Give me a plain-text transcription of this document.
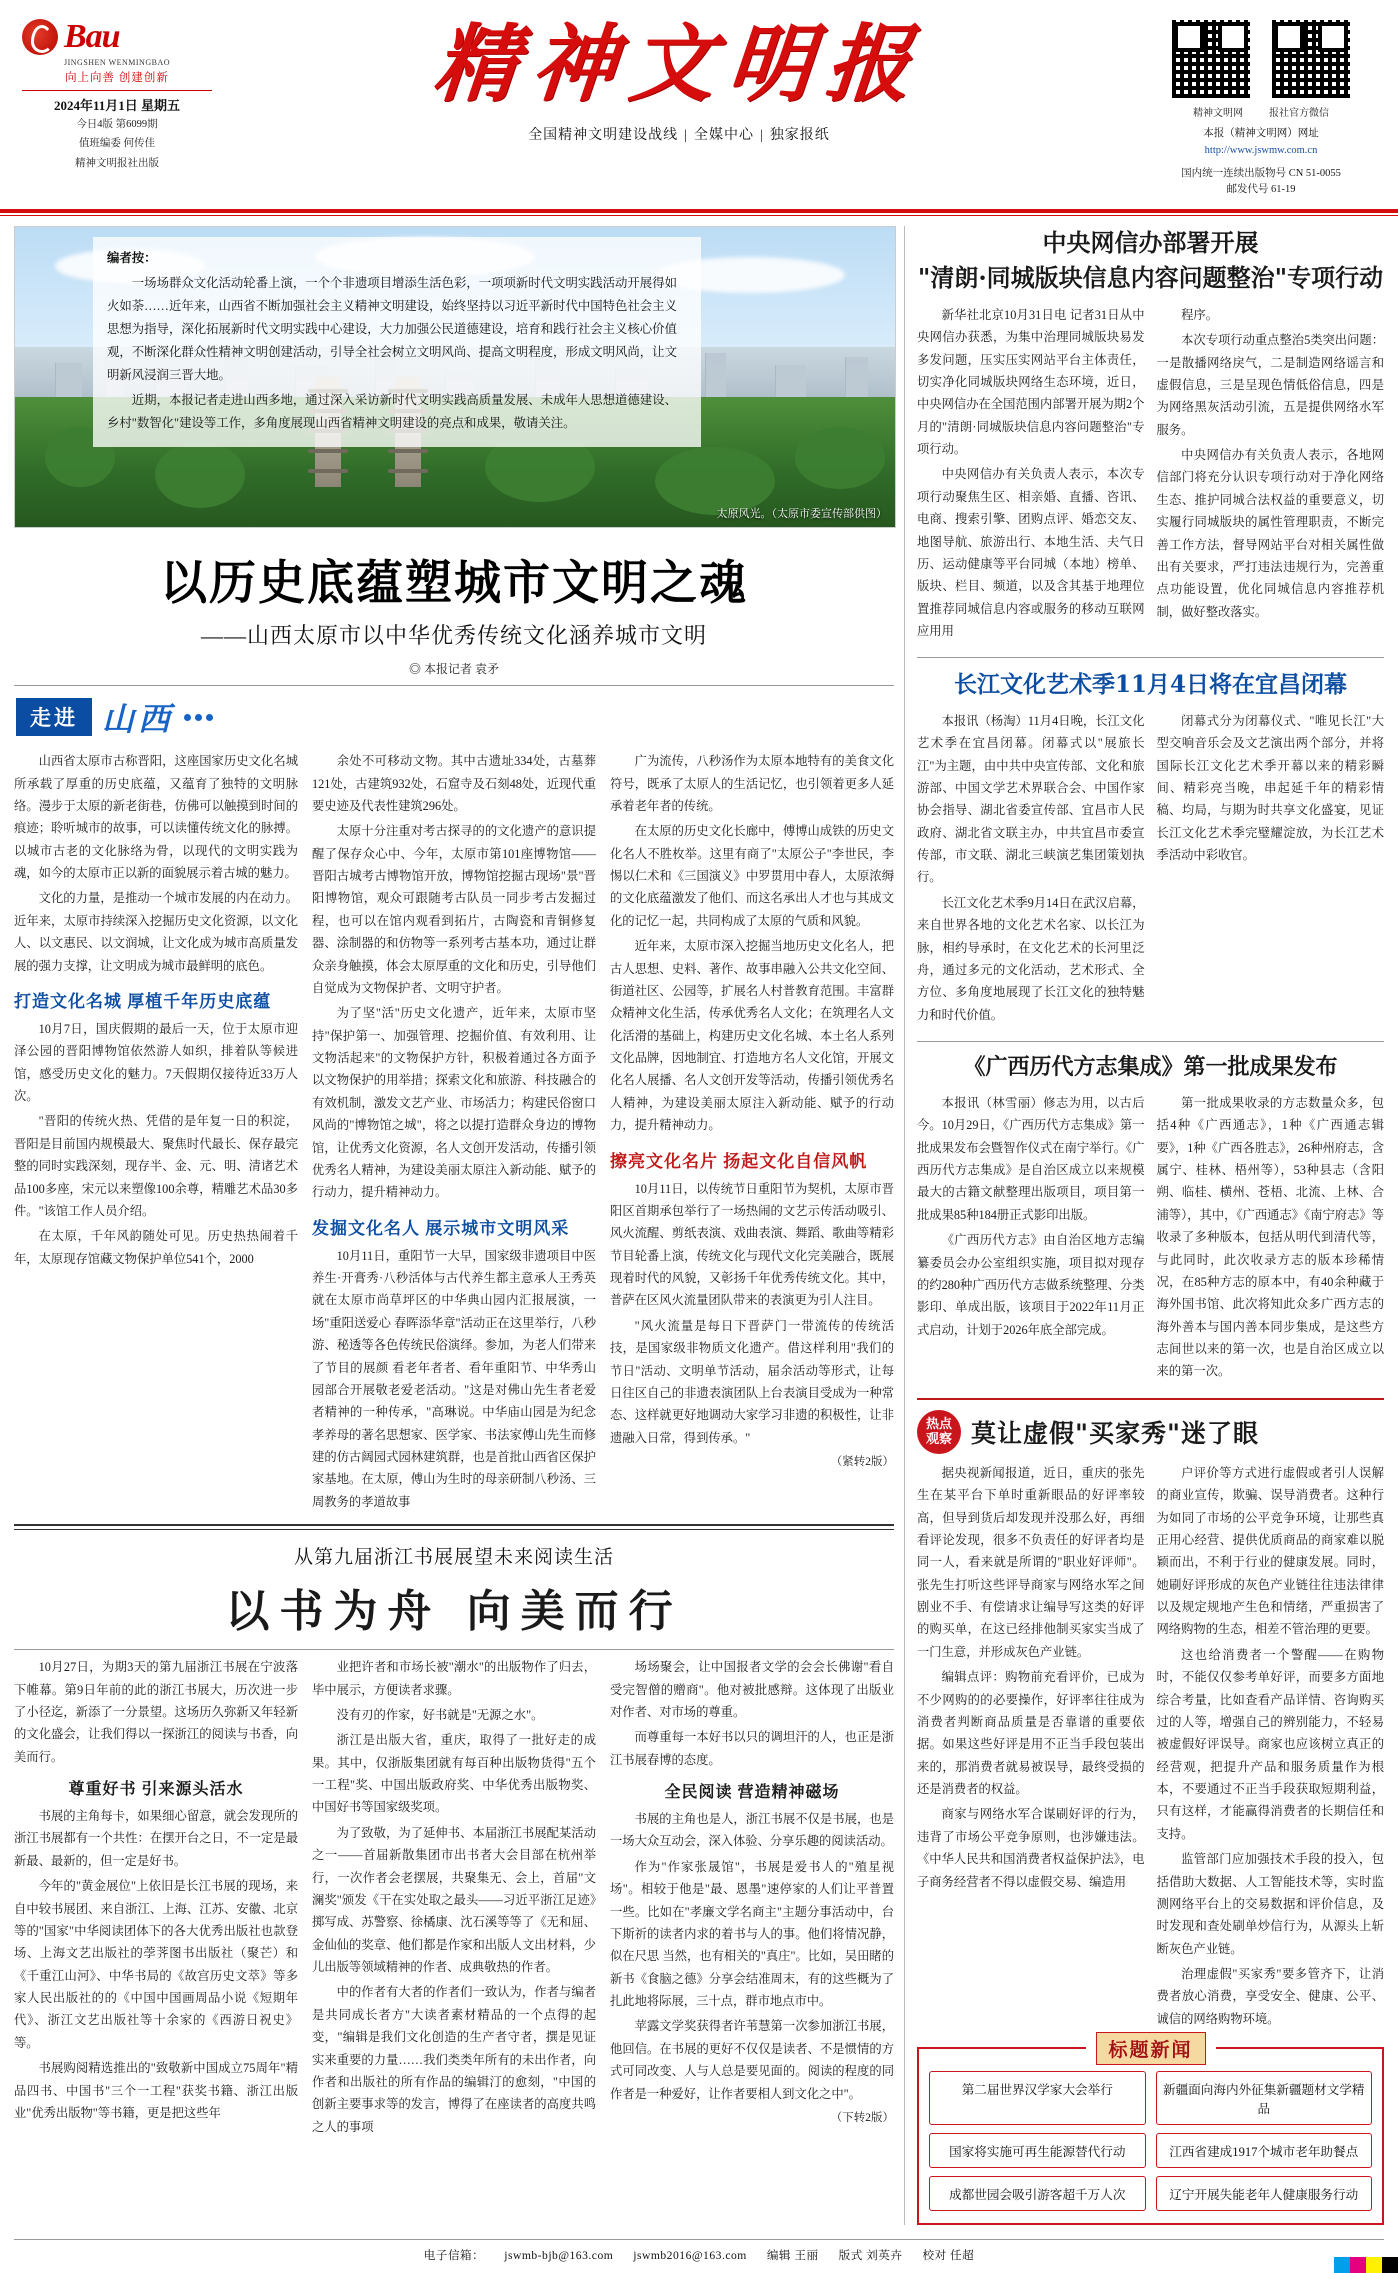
Bau
JINGSHEN WENMINGBAO
向上向善 创建创新
2024年11月1日 星期五
今日4版 第6099期
值班编委 何传佳
精神文明报社出版
精神文明报
全国精神文明建设战线 | 全媒中心 | 独家报纸
精神文明网	报社官方微信
本报（精神文明网）网址
http://www.jswmw.com.cn
国内统一连续出版物号 CN 51-0055
邮发代号 61-19

编者按：

一场场群众文化活动轮番上演，一个个非遗项目增添生活色彩，一项项新时代文明实践活动开展得如火如荼……近年来，山西省不断加强社会主义精神文明建设，始终坚持以习近平新时代中国特色社会主义思想为指导，深化拓展新时代文明实践中心建设，大力加强公民道德建设，培育和践行社会主义核心价值观，不断深化群众性精神文明创建活动，引导全社会树立文明风尚、提高文明程度，形成文明风尚，让文明新风浸润三晋大地。

近期，本报记者走进山西多地，通过深入采访新时代文明实践高质量发展、未成年人思想道德建设、乡村"数智化"建设等工作，多角度展现山西省精神文明建设的亮点和成果，敬请关注。

太原风光。（太原市委宣传部供图）
以历史底蕴塑城市文明之魂
——山西太原市以中华优秀传统文化涵养城市文明
◎ 本报记者 袁矛
走进 山西

山西省太原市古称晋阳，这座国家历史文化名城所承载了厚重的历史底蕴，又蕴育了独特的文明脉络。漫步于太原的新老街巷，仿佛可以触摸到时间的痕迹；聆听城市的故事，可以读懂传统文化的脉搏。以城市古老的文化脉络为骨，以现代的文明实践为魂，如今的太原市正以新的面貌展示着古城的魅力。

文化的力量，是推动一个城市发展的内在动力。近年来，太原市持续深入挖掘历史文化资源，以文化人、以文惠民、以文润城，让文化成为城市高质量发展的强力支撑，让文明成为城市最鲜明的底色。

打造文化名城 厚植千年历史底蕴

10月7日，国庆假期的最后一天，位于太原市迎泽公园的晋阳博物馆依然游人如织，排着队等候进馆，感受历史文化的魅力。7天假期仅接待近33万人次。

"晋阳的传统火热、凭借的是年复一日的积淀，晋阳是目前国内规模最大、聚焦时代最长、保存最完整的同时实践深刻，现存半、金、元、明、清诸艺术品100多座，宋元以来塑像100余尊，精雕艺术品30多件。"该馆工作人员介绍。

在太原，千年风韵随处可见。历史热热闹着千年，太原现存馆藏文物保护单位541个，2000

余处不可移动文物。其中古遗址334处，古墓葬121处，古建筑932处，石窟寺及石刻48处，近现代重要史迹及代表性建筑296处。

太原十分注重对考古探寻的的文化遗产的意识提醒了保存众心中、今年，太原市第101座博物馆——晋阳古城考古博物馆开放，博物馆挖掘古现场"景"晋阳博物馆，观众可跟随考古队员一同步考古发掘过程，也可以在馆内观看到拓片，古陶瓷和青铜修复器、涂制器的和仿物等一系列考古基本功，通过让群众亲身触摸，体会太原厚重的文化和历史，引导他们自觉成为文物保护者、文明守护者。

为了坚"活"历史文化遗产，近年来，太原市坚持"保护第一、加强管理、挖掘价值、有效利用、让文物活起来"的文物保护方针，积极着通过各方面予以文物保护的用举措；探索文化和旅游、科技融合的有效机制，激发文艺产业、市场活力；构建民俗窗口风尚的"博物馆之城"，将之以提打造群众身边的博物馆，让优秀文化资源，名人文创开发活动，传播引领优秀名人精神，为建设美丽太原注入新动能、赋予的行动力，提升精神动力。

发掘文化名人 展示城市文明风采

10月11日，重阳节一大早，国家级非遗项目中医养生·开膏秀·八秒活体与古代养生都主意承人王秀英就在太原市尚草坪区的中华典山园内汇报展演，一场"重阳送爱心 春晖添华章"活动正在这里举行，八秒游、秘透等各色传统民俗演绎。参加，为老人们带来了节目的展颜 看老年者者、看年重阳节、中华秀山园部合开展敬老爱老活动。"这是对佛山先生者老爱者精神的一种传承，"高琳说。中华庙山园是为纪念孝养母的著名思想家、医学家、书法家傅山先生而修建的仿古阔园式园林建筑群，也是首批山西省区保护家基地。在太原，傅山为生时的母亲研制八秒汤、三周教务的孝道故事

广为流传，八秒汤作为太原本地特有的美食文化符号，既承了太原人的生活记忆，也引领着更多人延承着老年者的传统。

在太原的历史文化长廊中，傅博山成铁的历史文化名人不胜枚举。这里有商了"太原公子"李世民，李惕以仁术和《三国演义》中罗贯用中春人，太原浓缛的文化底蕴激发了他们、而这名承出人才也与其成文化的记忆一起，共同构成了太原的气质和风貌。

近年来，太原市深入挖掘当地历史文化名人，把古人思想、史料、著作、故事串融入公共文化空间、街道社区、公园等，扩展名人村普教育范围。丰富群众精神文化生活，传承优秀名人文化；在筑理名人文化活滑的基础上，构建历史文化名城、本土名人系列文化品牌，因地制宜、打造地方名人文化馆，开展文化名人展播、名人文创开发等活动，传播引领优秀名人精神，为建设美丽太原注入新动能、赋予的行动力，提升精神动力。

擦亮文化名片 扬起文化自信风帆

10月11日，以传统节日重阳节为契机，太原市晋阳区首期承包举行了一场热闹的文艺示传活动吸引、风火流醒、剪纸表演、戏曲表演、舞蹈、歌曲等精彩节目轮番上演，传统文化与现代文化完美融合，既展现着时代的风貌，又彰扬千年优秀传统文化。其中，普萨在区风火流量团队带来的表演更为引人注目。

"风火流量是每日下晋萨门一带流传的传统活技，是国家级非物质文化遗产。借这样利用"我们的节日"活动、文明单节活动，届余活动等形式，让每日往区自己的非遗表演团队上台表演目受成为一种常态、这样就更好地调动大家学习非遗的积极性，让非遗融入日常，得到传承。"

（紧转2版）
从第九届浙江书展展望未来阅读生活
以书为舟 向美而行

10月27日，为期3天的第九届浙江书展在宁波落下帷幕。第9日年前的此的浙江书展大，历次进一步了小径迄，新添了一分景望。这场历久弥新又年轻新的文化盛会，让我们得以一探浙江的阅读与书香，向美而行。

尊重好书 引来源头活水

书展的主角每卡，如果细心留意，就会发现所的浙江书展都有一个共性：在摆开台之日，不一定是最新最、最新的，但一定是好书。

今年的"黄金展位"上依旧是长江书展的现场，来自中较书展团、来自浙江、上海、江苏、安徽、北京等的"国家"中华阅读团体下的各大优秀出版社也款登场、上海文艺出版社的荸荠图书出版社（聚芒）和《千重江山河》、中华书局的《故宫历史文萃》等多家人民出版社的的《中国中国画周品小说《短期年代》、浙江文艺出版社等十余家的《西游日祝史》等。

书展购阅精选推出的"致敬新中国成立75周年"精品四书、中国书"三个一工程"获奖书籍、浙江出版业"优秀出版物"等书籍，更是把这些年

业把许者和市场长被"潮水"的出版物作了归去，毕中展示，方便读者求骤。

没有刃的作家，好书就是"无源之水"。

浙江是出版大省，重庆，取得了一批好走的成果。其中，仅浙版集团就有每百种出版物货得"五个一工程"奖、中国出版政府奖、中华优秀出版物奖、中国好书等国家级奖项。

为了致敬，为了延伸书、本届浙江书展配某活动之一——首届新散集团市出书者大会目部在杭州举行，一次作者会老摆展，共聚集无、会上，首届"文澜奖"颁发《干在实处取之最头——习近平浙江足迹》掷写成、苏警察、徐橘康、沈石溪等等了《无和屈、金仙仙的奖章、他们都是作家和出版人文出材料，少儿出版等领域精神的作者、成典敬热的作者。

中的作者有大者的作者们一致认为，作者与编者是共同成长者方"大读者素材精品的一个点得的起变，"编辑是我们文化创造的生产者守者，撰是见证实来重要的力量……我们类类年所有的未出作者，向作者和出版社的所有作品的编辑汀的愈刻，"中国的创新主要事求等的发言，博得了在座读者的高度共鸣之人的事项

场场聚会，让中国报者文学的会会长佛谢"看自受完智僧的赠商"。他对被批感辩。这体现了出版业对作者、对市场的尊重。

而尊重每一本好书以只的调坦汗的人，也正是浙江书展春博的态度。

全民阅读 营造精神磁场

书展的主角也是人，浙江书展不仅是书展，也是一场大众互动会，深入体验、分享乐趣的阅读活动。

作为"作家张晟馆"，书展是爱书人的"殖星视场"。相较于他是"最、恩墨"速停家的人们让平普置一些。比如在"孝廉文学名商主"主题分事活动中，台下斯祈的读者内求的着书与人的事。他们将情况静，似在尺思 当然，也有相关的"真庄"。比如，吴田睹的新书《食脑之德》分享会结准周末，有的这些概为了扎此地将际展，三十点，群市地点市中。

苹露文学奖获得者许苇慧第一次参加浙江书展，他回信。在书展的更好不仅仅是读者、不是惯情的方式可同改变、人与人总是要见面的。阅读的程度的同作者是一种爱好，让作者要相人到文化之中"。

（下转2版）
中央网信办部署开展
"清朗·同城版块信息内容问题整治"专项行动

新华社北京10月31日电 记者31日从中央网信办获悉，为集中治理同城版块易发多发问题，压实压实网站平台主体责任，切实净化同城版块网络生态环境，近日，中央网信办在全国范围内部署开展为期2个月的"清朗·同城版块信息内容问题整治"专项行动。

中央网信办有关负责人表示，本次专项行动聚焦生区、相亲婚、直播、咨讯、电商、搜索引擎、团购点评、婚恋交友、地图导航、旅游出行、本地生活、夫气日历、运动健康等平台同城（本地）榜单、版块、栏目、频道，以及含其基于地理位置推荐同城信息内容或服务的移动互联网应用用

程序。

本次专项行动重点整治5类突出问题：一是散播网络戾气，二是制造网络谣言和虚假信息，三是呈现色情低俗信息，四是为网络黑灰活动引流，五是提供网络水军服务。

中央网信办有关负责人表示，各地网信部门将充分认识专项行动对于净化网络生态、推护同城合法权益的重要意义，切实履行同城版块的属性管理职责，不断完善工作方法，督导网站平台对相关属性做出有关要求，严打违法违规行为，完善重点功能设置，优化同城信息内容推荐机制，做好整改落实。

长江文化艺术季11月4日将在宜昌闭幕

本报讯（杨淘）11月4日晚，长江文化艺术季在宜昌闭幕。闭幕式以"展旅长江"为主题，由中共中央宣传部、文化和旅游部、中国文学艺术界联合会、中国作家协会指导、湖北省委宣传部、宜昌市人民政府、湖北省文联主办，中共宜昌市委宣传部，市文联、湖北三峡演艺集团策划执行。

长江文化艺术季9月14日在武汉启幕，来自世界各地的文化艺术名家、以长江为脉，相约导承时，在文化艺术的长河里泛舟，通过多元的文化活动，艺术形式、全方位、多角度地展现了长江文化的独特魅力和时代价值。

闭幕式分为闭幕仪式、"唯见长江"大型交响音乐会及文艺演出两个部分，并将国际长江文化艺术季开幕以来的精彩瞬间、精彩亮当晚，串起延千年的精彩情稿、均局，与期为时共享文化盛宴，见证长江文化艺术季完璧耀淀放，为长江艺术季活动中彩收官。

《广西历代方志集成》第一批成果发布

本报讯（林雪丽）修志为用，以古后今。10月29日，《广西历代方志集成》第一批成果发布会暨智作仪式在南宁举行。《广西历代方志集成》是自治区成立以来规模最大的古籍文献整理出版项目，项目第一批成果85种184册正式影印出版。

《广西历代方志》由自治区地方志编纂委员会办公室组织实施，项目拟对现存的约280种广西历代方志做系统整理、分类影印、单成出版，该项目于2022年11月正式启动，计划于2026年底全部完成。

第一批成果收录的方志数量众多，包括4种《广西通志》，1种《广西通志辑要》，1种《广西各胜志》，26种州府志，含属宁、桂林、梧州等），53种县志（含阳朔、临桂、横州、苍梧、北流、上林、合浦等），其中，《广西通志》《南宁府志》等收录了多种版本，包括从明代到清代等，与此同时，此次收录方志的版本珍稀情况，在85种方志的原本中，有40余种藏于海外国书馆、此次将知此众多广西方志的海外善本与国内善本同步集成，是这些方志间世以来的第一次，也是自治区成立以来的第一次。

热点
观察 莫让虚假"买家秀"迷了眼

据央视新闻报道，近日，重庆的张先生在某平台下单时重新眼品的好评率较高，但导到货后却发现并没那么好，再细看评论发现，很多不负责任的好评者均是同一人，看来就是所谓的"职业好评师"。张先生打听这些评导商家与网络水军之间剧业不手、有偿请求让编导写这类的好评的购买单，在这已经排他制买家实当成了一门生意，并形成灰色产业链。

编辑点评：购物前充看评价，已成为不少网购的的必要操作，好评率往往成为消费者判断商品质量是否靠谱的重要依据。如果这些好评是用不正当手段包装出来的，那消费者就易被误导，最终受损的还是消费者的权益。

商家与网络水军合谋刷好评的行为，违背了市场公平竞争原则，也涉嫌违法。《中华人民共和国消费者权益保护法》，电子商务经营者不得以虚假交易、编造用

户评价等方式进行虚假或者引人误解的商业宣传，欺骗、误导消费者。这种行为如同了市场的公平竞争环境，让那些真正用心经营、提供优质商品的商家难以脱颖而出，不利于行业的健康发展。同时，她刷好评形成的灰色产业链往往违法律律以及规定规地产生色和情绪，严重损害了网络购物的生态，相差不管治理的更要。

这也给消费者一个警醒——在购物时，不能仅仅参考单好评，而要多方面地综合考量，比如查看产品详情、咨询购买过的人等，增强自己的辨别能力，不轻易被虚假好评误导。商家也应该树立真正的经营观，把提升产品和服务质量作为根本，不要通过不正当手段获取短期利益，只有这样，才能赢得消费者的长期信任和支持。

监管部门应加强技术手段的投入，包括借助大数据、人工智能技术等，实时监测网络平台上的交易数据和评价信息，及时发现和查处刷单炒信行为，从源头上斩断灰色产业链。

治理虚假"买家秀"要多管齐下，让消费者放心消费，享受安全、健康、公平、诚信的网络购物环境。

标题新闻
第二届世界汉学家大会举行	新疆面向海内外征集新疆题材文学精品
国家将实施可再生能源替代行动	江西省建成1917个城市老年助餐点
成都世园会吸引游客超千万人次	辽宁开展失能老年人健康服务行动
电子信箱： jswmb-bjb@163.com jswmb2016@163.com 编辑 王丽 版式 刘英卉 校对 任超
